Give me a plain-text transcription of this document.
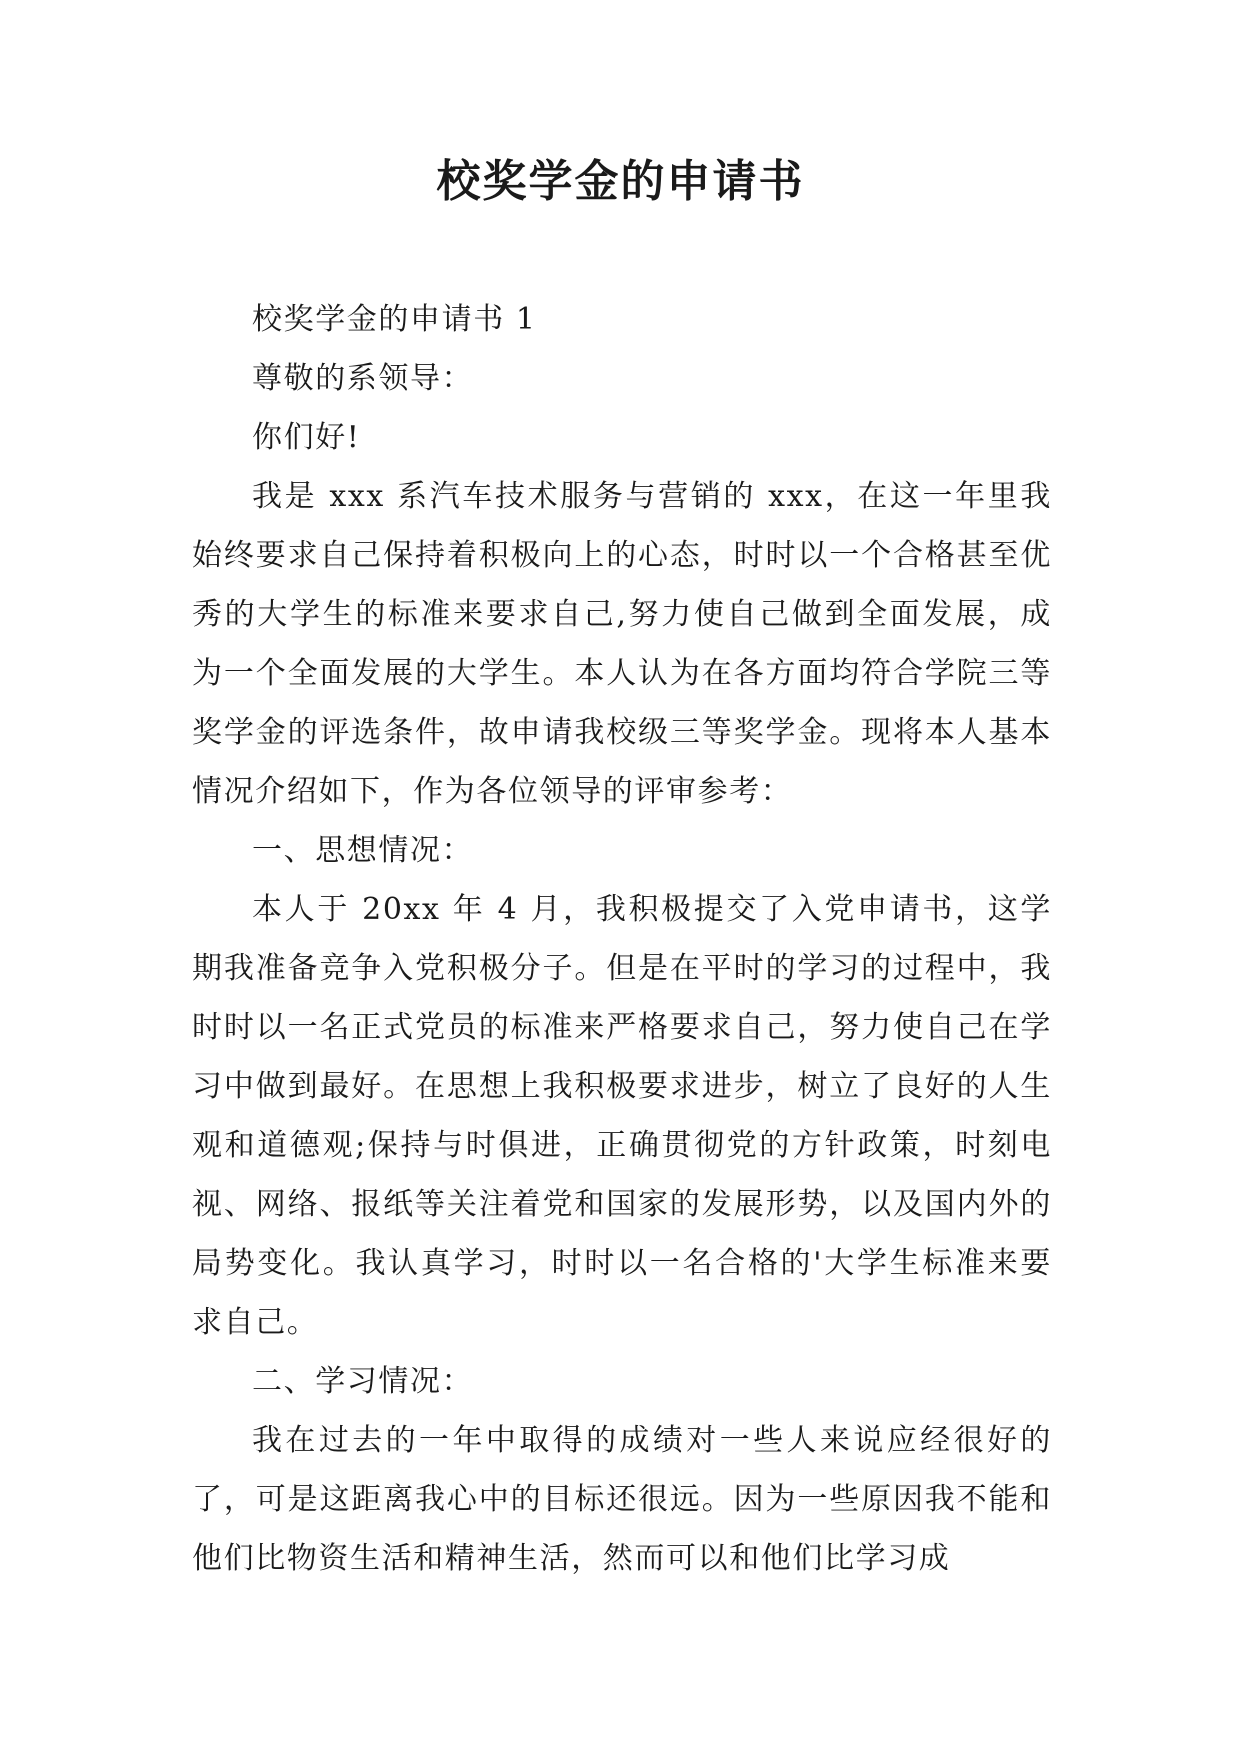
校奖学金的申请书

校奖学金的申请书 1

尊敬的系领导：

你们好!

我是 xxx 系汽车技术服务与营销的 xxx，在这一年里我始终要求自己保持着积极向上的心态，时时以一个合格甚至优秀的大学生的标准来要求自己,努力使自己做到全面发展，成为一个全面发展的大学生。本人认为在各方面均符合学院三等奖学金的评选条件，故申请我校级三等奖学金。现将本人基本情况介绍如下，作为各位领导的评审参考：

一、思想情况：

本人于 20xx 年 4 月，我积极提交了入党申请书，这学期我准备竞争入党积极分子。但是在平时的学习的过程中，我时时以一名正式党员的标准来严格要求自己，努力使自己在学习中做到最好。在思想上我积极要求进步，树立了良好的人生观和道德观;保持与时俱进，正确贯彻党的方针政策，时刻电视、网络、报纸等关注着党和国家的发展形势，以及国内外的局势变化。我认真学习，时时以一名合格的'大学生标准来要求自己。

二、学习情况：

我在过去的一年中取得的成绩对一些人来说应经很好的了，可是这距离我心中的目标还很远。因为一些原因我不能和他们比物资生活和精神生活，然而可以和他们比学习成
